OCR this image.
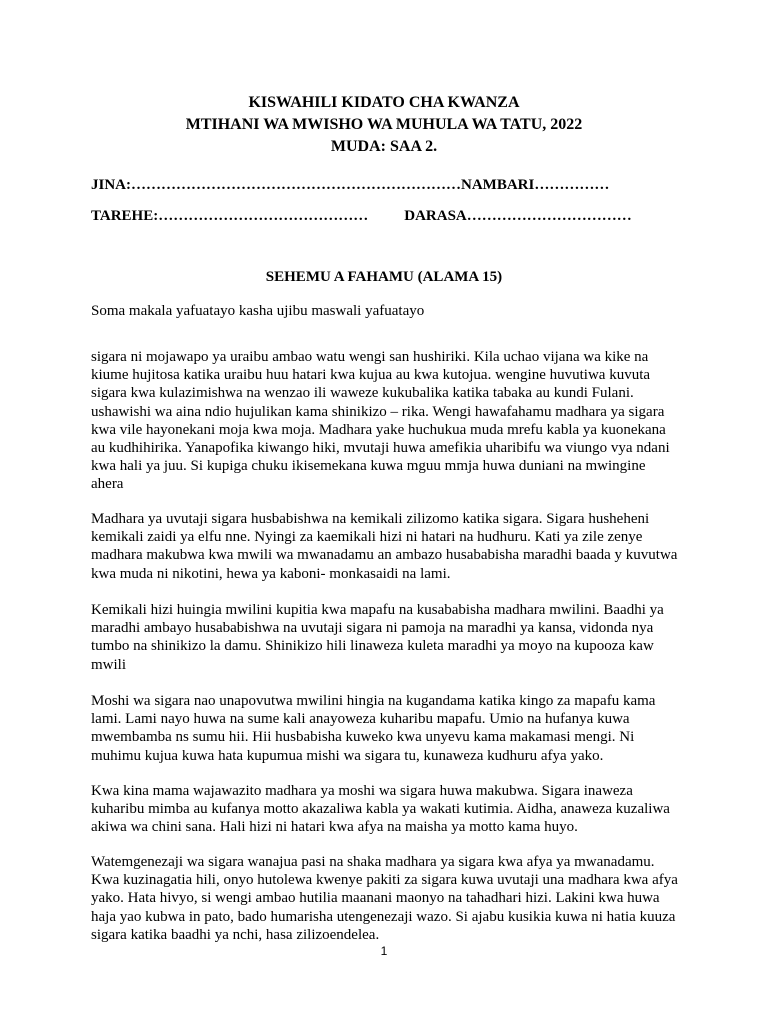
KISWAHILI KIDATO CHA KWANZA
MTIHANI WA MWISHO WA MUHULA WA TATU, 2022
MUDA: SAA 2.
JINA:…………………………………………………………NAMBARI……………
TAREHE:…………………………………… DARASA……………………………
SEHEMU A FAHAMU (ALAMA 15)
Soma makala yafuatayo kasha ujibu maswali yafuatayo

sigara ni mojawapo ya uraibu ambao watu wengi san hushiriki. Kila uchao vijana wa kike na kiume hujitosa katika uraibu huu hatari kwa kujua au kwa kutojua. wengine huvutiwa kuvuta sigara kwa kulazimishwa na wenzao ili waweze kukubalika katika tabaka au kundi Fulani. ushawishi wa aina ndio hujulikan kama shinikizo – rika. Wengi hawafahamu madhara ya sigara kwa vile hayonekani moja kwa moja. Madhara yake huchukua muda mrefu kabla ya kuonekana au kudhihirika. Yanapofika kiwango hiki, mvutaji huwa amefikia uharibifu wa viungo vya ndani kwa hali ya juu. Si kupiga chuku ikisemekana kuwa mguu mmja huwa duniani na mwingine ahera

Madhara ya uvutaji sigara husbabishwa na kemikali zilizomo katika sigara. Sigara husheheni kemikali zaidi ya elfu nne. Nyingi za kaemikali hizi ni hatari na hudhuru. Kati ya zile zenye madhara makubwa kwa mwili wa mwanadamu an ambazo husababisha maradhi baada y kuvutwa kwa muda ni nikotini, hewa ya kaboni- monkasaidi na lami.

Kemikali hizi huingia mwilini kupitia kwa mapafu na kusababisha madhara mwilini. Baadhi ya maradhi ambayo husababishwa na uvutaji sigara ni pamoja na maradhi ya kansa, vidonda nya tumbo na shinikizo la damu. Shinikizo hili linaweza kuleta maradhi ya moyo na kupooza kaw mwili

Moshi wa sigara nao unapovutwa mwilini hingia na kugandama katika kingo za mapafu kama lami. Lami nayo huwa na sume kali anayoweza kuharibu mapafu. Umio na hufanya kuwa mwembamba ns sumu hii. Hii husbabisha kuweko kwa unyevu kama makamasi mengi. Ni muhimu kujua kuwa hata kupumua mishi wa sigara tu, kunaweza kudhuru afya yako.

Kwa kina mama wajawazito madhara ya moshi wa sigara huwa makubwa. Sigara inaweza kuharibu mimba au kufanya motto akazaliwa kabla ya wakati kutimia. Aidha, anaweza kuzaliwa akiwa wa chini sana. Hali hizi ni hatari kwa afya na maisha ya motto kama huyo.

Watemgenezaji wa sigara wanajua pasi na shaka madhara ya sigara kwa afya ya mwanadamu. Kwa kuzinagatia hili, onyo hutolewa kwenye pakiti za sigara kuwa uvutaji una madhara kwa afya yako. Hata hivyo, si wengi ambao hutilia maanani maonyo na tahadhari hizi. Lakini kwa huwa haja yao kubwa in pato, bado humarisha utengenezaji wazo. Si ajabu kusikia kuwa ni hatia kuuza sigara katika baadhi ya nchi, hasa zilizoendelea.

1
